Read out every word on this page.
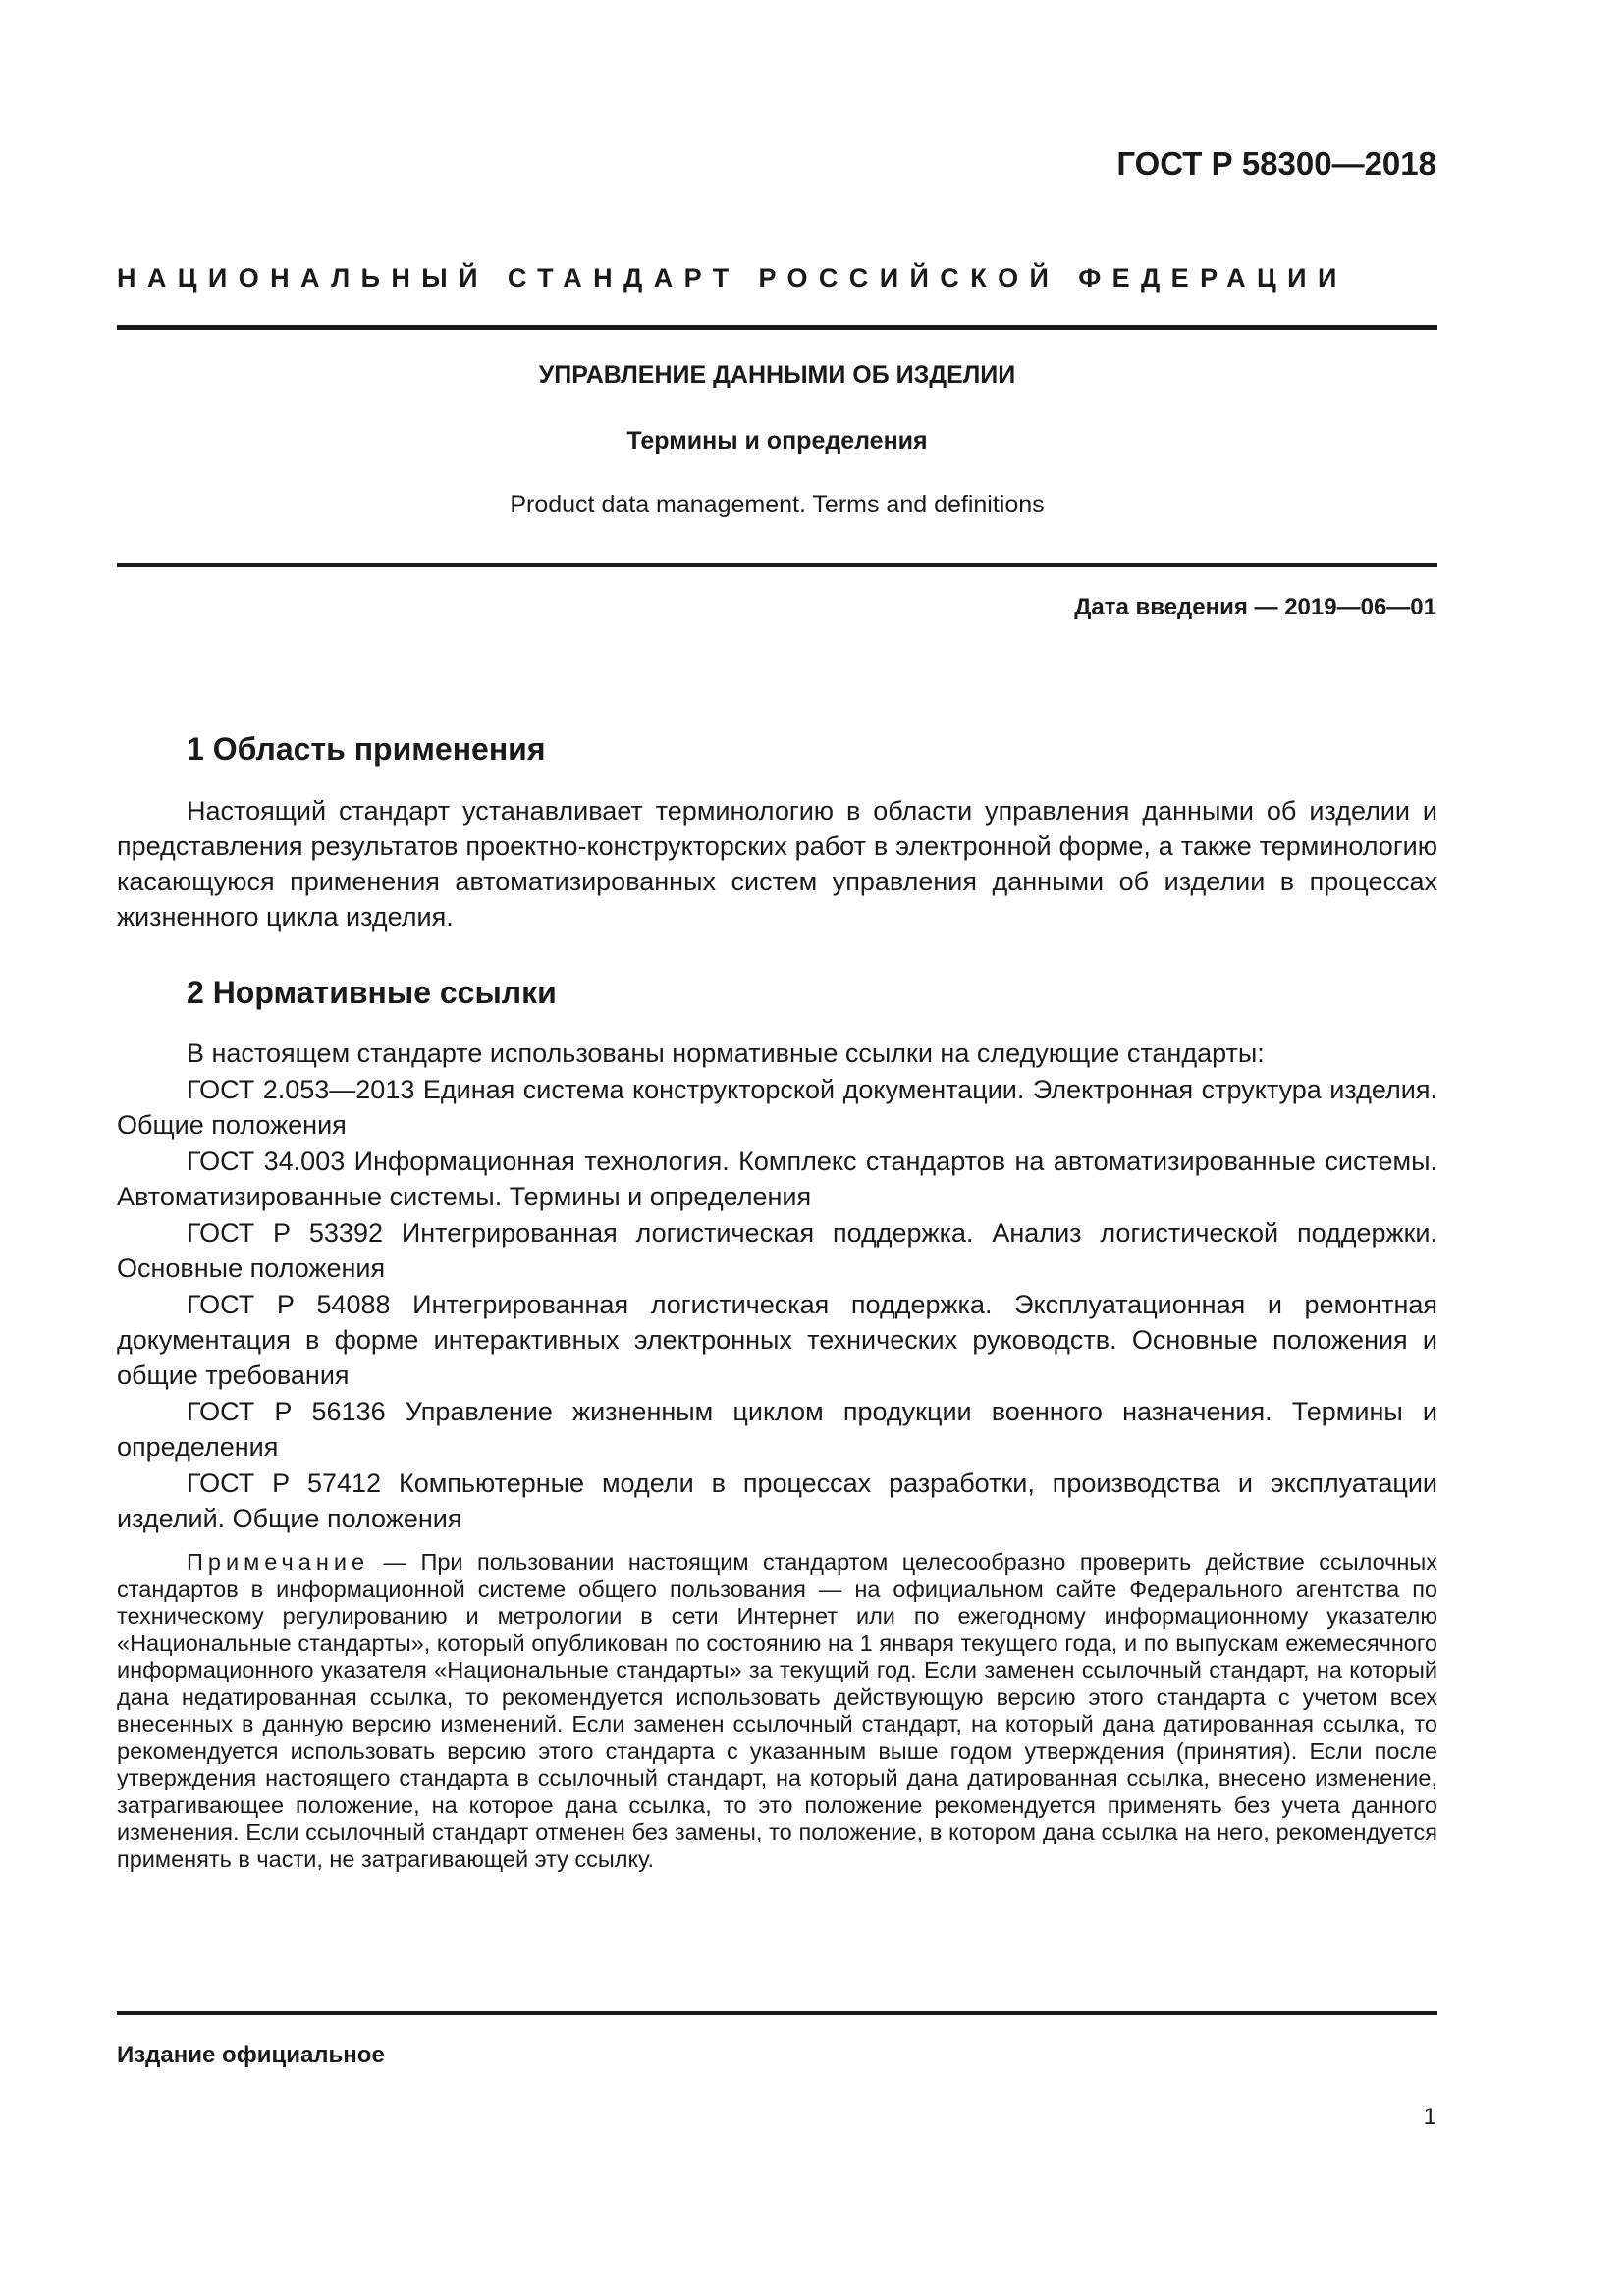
ГОСТ Р 58300—2018
НАЦИОНАЛЬНЫЙ СТАНДАРТ РОССИЙСКОЙ ФЕДЕРАЦИИ
УПРАВЛЕНИЕ ДАННЫМИ ОБ ИЗДЕЛИИ
Термины и определения
Product data management. Terms and definitions
Дата введения — 2019—06—01
1 Область применения

Настоящий стандарт устанавливает терминологию в области управления данными об изделии и представления результатов проектно-конструкторских работ в электронной форме, а также терминологию касающуюся применения автоматизированных систем управления данными об изделии в процессах жизненного цикла изделия.

2 Нормативные ссылки

В настоящем стандарте использованы нормативные ссылки на следующие стандарты:

ГОСТ 2.053—2013 Единая система конструкторской документации. Электронная структура изделия. Общие положения

ГОСТ 34.003 Информационная технология. Комплекс стандартов на автоматизированные системы. Автоматизированные системы. Термины и определения

ГОСТ Р 53392 Интегрированная логистическая поддержка. Анализ логистической поддержки. Основные положения

ГОСТ Р 54088 Интегрированная логистическая поддержка. Эксплуатационная и ремонтная документация в форме интерактивных электронных технических руководств. Основные положения и общие требования

ГОСТ Р 56136 Управление жизненным циклом продукции военного назначения. Термины и определения

ГОСТ Р 57412 Компьютерные модели в процессах разработки, производства и эксплуатации изделий. Общие положения

Примечание — При пользовании настоящим стандартом целесообразно проверить действие ссылочных стандартов в информационной системе общего пользования — на официальном сайте Федерального агентства по техническому регулированию и метрологии в сети Интернет или по ежегодному информационному указателю «Национальные стандарты», который опубликован по состоянию на 1 января текущего года, и по выпускам ежемесячного информационного указателя «Национальные стандарты» за текущий год. Если заменен ссылочный стандарт, на который дана недатированная ссылка, то рекомендуется использовать действующую версию этого стандарта с учетом всех внесенных в данную версию изменений. Если заменен ссылочный стандарт, на который дана датированная ссылка, то рекомендуется использовать версию этого стандарта с указанным выше годом утверждения (принятия). Если после утверждения настоящего стандарта в ссылочный стандарт, на который дана датированная ссылка, внесено изменение, затрагивающее положение, на которое дана ссылка, то это положение рекомендуется применять без учета данного изменения. Если ссылочный стандарт отменен без замены, то положение, в котором дана ссылка на него, рекомендуется применять в части, не затрагивающей эту ссылку.

Издание официальное
1
